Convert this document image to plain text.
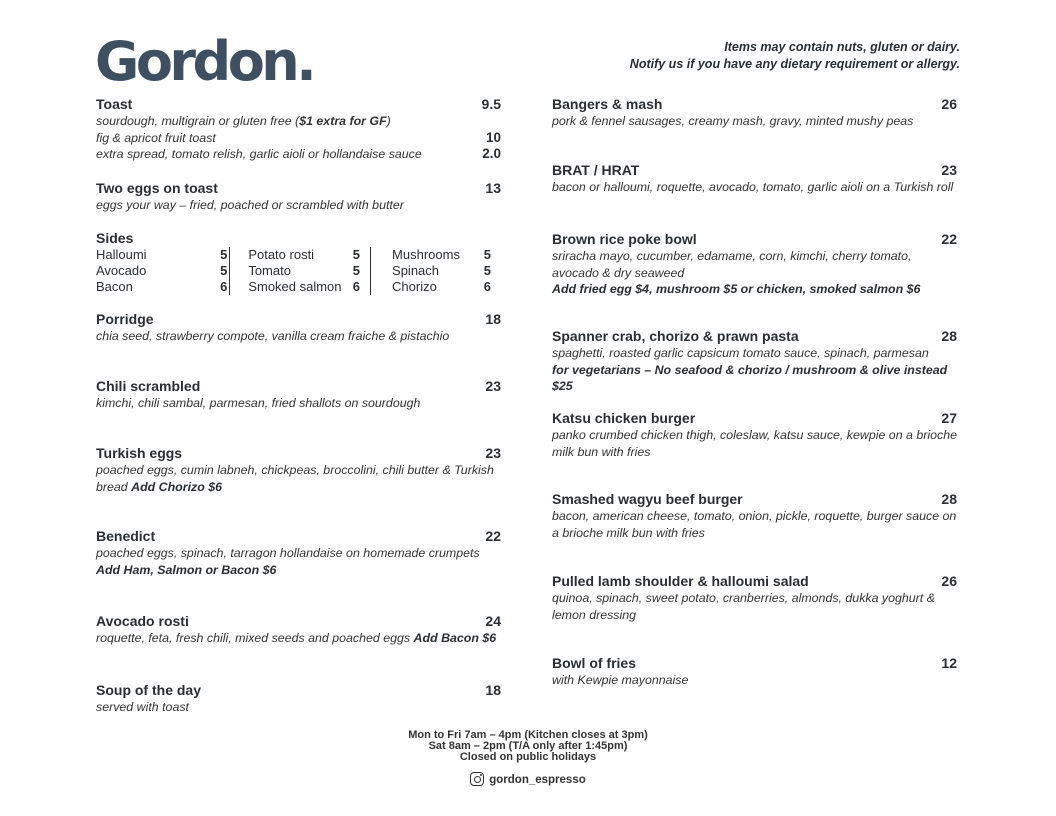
Gordon.	Items may contain nuts, gluten or dairy.
Notify us if you have any dietary requirement or allergy.
Toast	9.5
sourdough, multigrain or gluten free ($1 extra for GF)
fig & apricot fruit toast	10
extra spread, tomato relish, garlic aioli or hollandaise sauce	2.0
Two eggs on toast	13
eggs your way – fried, poached or scrambled with butter
Sides
Halloumi	5
Avocado	5
Bacon	6
Potato rosti	5
Tomato	5
Smoked salmon 6
Mushrooms 5
Spinach	5
Chorizo	6
Porridge	18
chia seed, strawberry compote, vanilla cream fraiche & pistachio
Chili scrambled	23
kimchi, chili sambal, parmesan, fried shallots on sourdough
Turkish eggs	23
poached eggs, cumin labneh, chickpeas, broccolini, chili butter & Turkish bread Add Chorizo $6
Benedict	22
poached eggs, spinach, tarragon hollandaise on homemade crumpets
Add Ham, Salmon or Bacon $6
Avocado rosti	24
roquette, feta, fresh chili, mixed seeds and poached eggs Add Bacon $6
Soup of the day	18
served with toast
Bangers & mash	26
pork & fennel sausages, creamy mash, gravy, minted mushy peas
BRAT / HRAT	23
bacon or halloumi, roquette, avocado, tomato, garlic aioli on a Turkish roll
Brown rice poke bowl	22
sriracha mayo, cucumber, edamame, corn, kimchi, cherry tomato, avocado & dry seaweed
Add fried egg $4, mushroom $5 or chicken, smoked salmon $6
Spanner crab, chorizo & prawn pasta	28
spaghetti, roasted garlic capsicum tomato sauce, spinach, parmesan
for vegetarians – No seafood & chorizo / mushroom & olive instead $25
Katsu chicken burger	27
panko crumbed chicken thigh, coleslaw, katsu sauce, kewpie on a brioche milk bun with fries
Smashed wagyu beef burger	28
bacon, american cheese, tomato, onion, pickle, roquette, burger sauce on a brioche milk bun with fries
Pulled lamb shoulder & halloumi salad	26
quinoa, spinach, sweet potato, cranberries, almonds, dukka yoghurt & lemon dressing
Bowl of fries	12
with Kewpie mayonnaise
Mon to Fri 7am – 4pm (Kitchen closes at 3pm)
Sat 8am – 2pm (T/A only after 1:45pm)
Closed on public holidays
gordon_espresso
